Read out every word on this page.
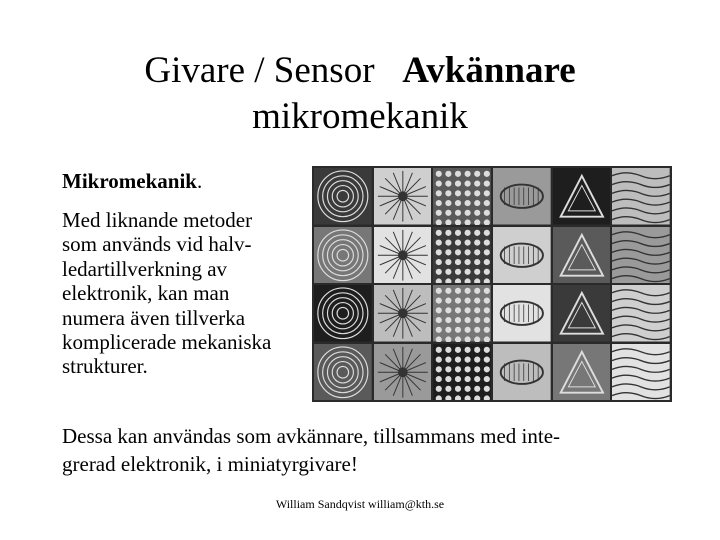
Givare / Sensor Avkännare
mikromekanik
Mikromekanik.
Med liknande metoder
som används vid halv-
ledartillverkning av
elektronik, kan man
numera även tillverka
komplicerade mekaniska
strukturer.
Dessa kan användas som avkännare, tillsammans med inte-
grerad elektronik, i miniatyrgivare!
William Sandqvist william@kth.se
